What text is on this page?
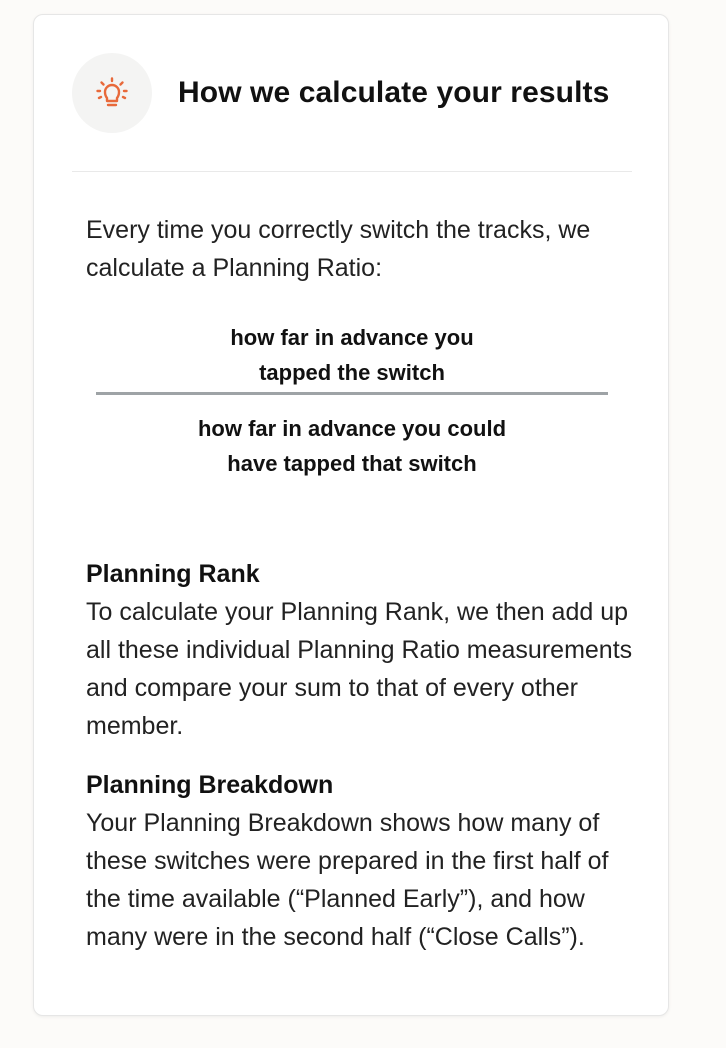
How we calculate your results
Every time you correctly switch the tracks, we calculate a Planning Ratio:
how far in advance you
tapped the switch
how far in advance you could
have tapped that switch
Planning Rank

To calculate your Planning Rank, we then add up all these individual Planning Ratio measurements and compare your sum to that of every other member.

Planning Breakdown

Your Planning Breakdown shows how many of these switches were prepared in the first half of the time available (“Planned Early”), and how many were in the second half (“Close Calls”).
